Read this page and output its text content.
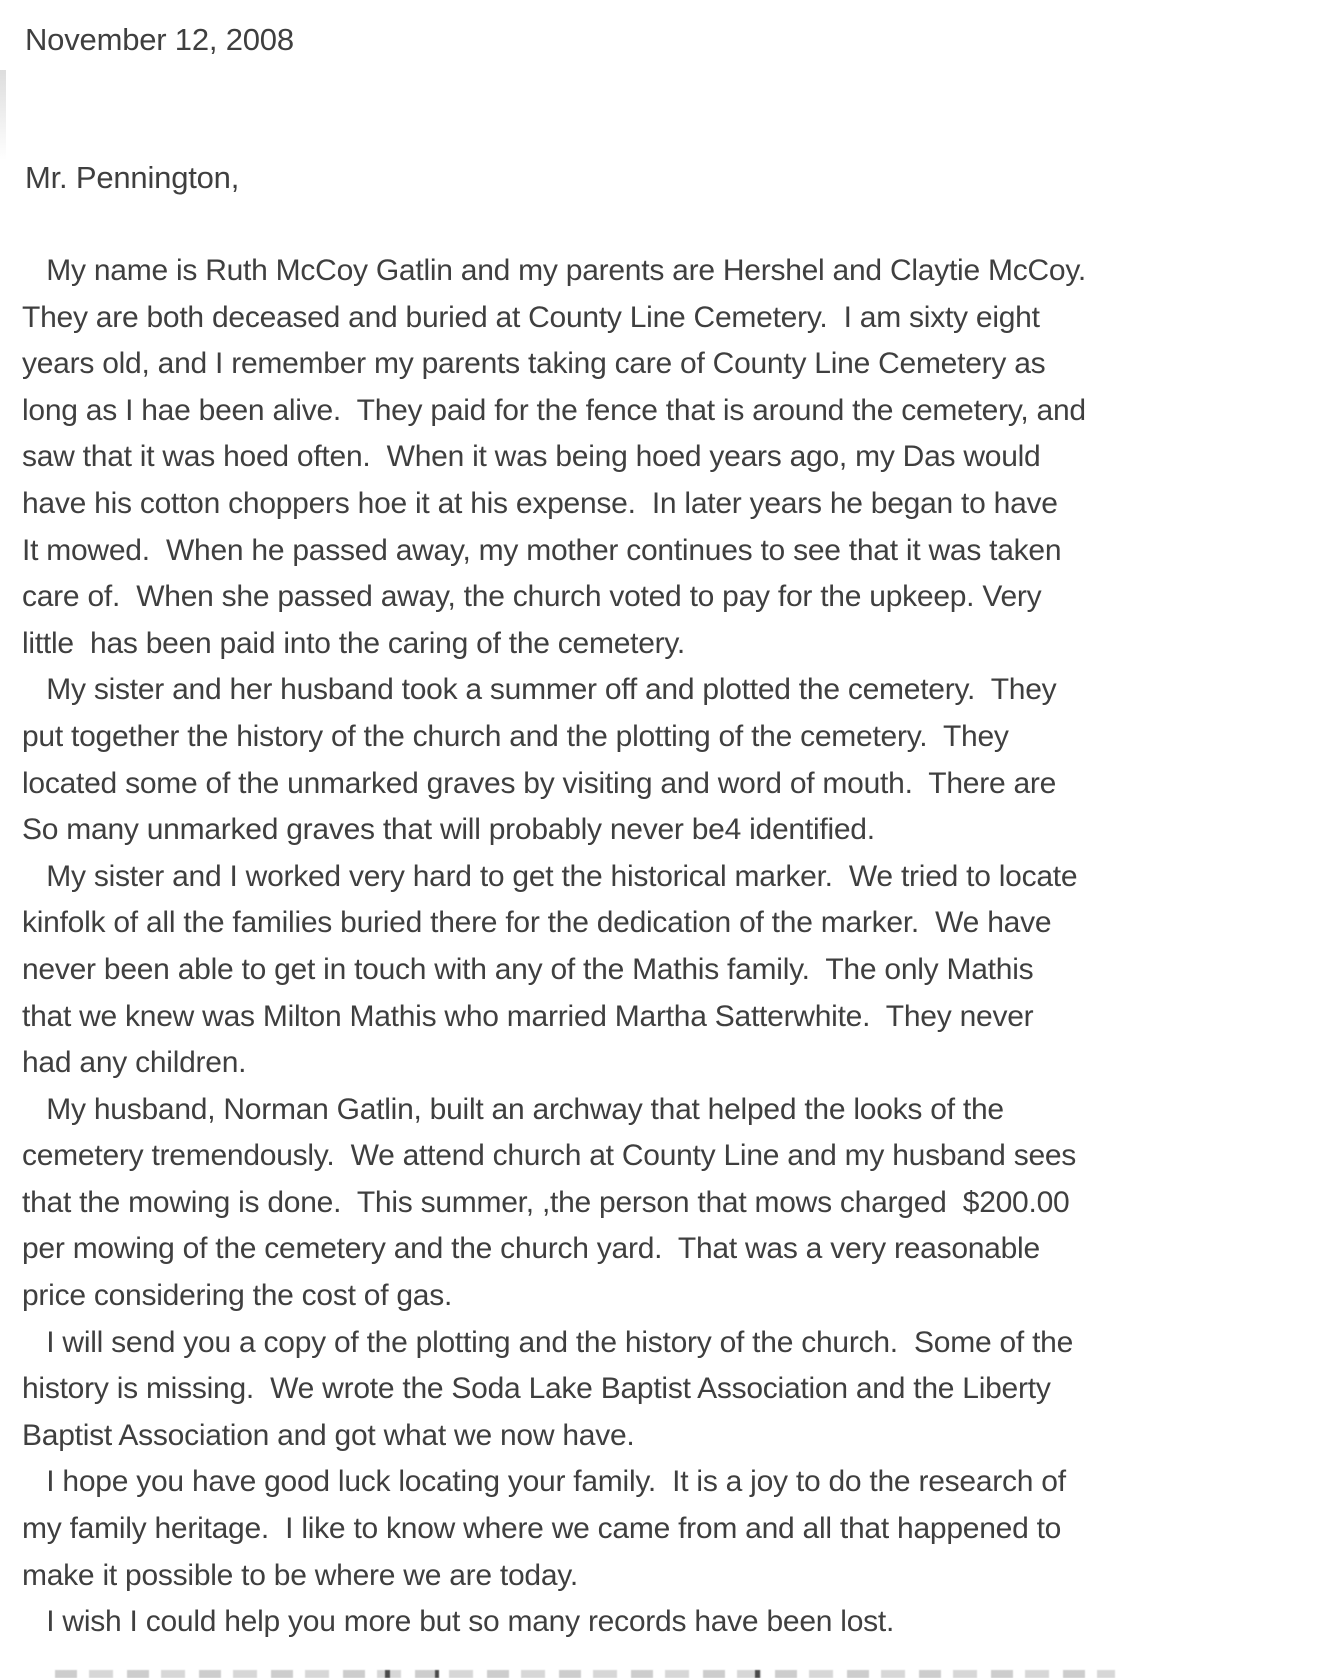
November 12, 2008
Mr. Pennington,
My name is Ruth McCoy Gatlin and my parents are Hershel and Claytie McCoy.
They are both deceased and buried at County Line Cemetery.  I am sixty eight
years old, and I remember my parents taking care of County Line Cemetery as
long as I hae been alive.  They paid for the fence that is around the cemetery, and
saw that it was hoed often.  When it was being hoed years ago, my Das would
have his cotton choppers hoe it at his expense.  In later years he began to have
It mowed.  When he passed away, my mother continues to see that it was taken
care of.  When she passed away, the church voted to pay for the upkeep. Very
little  has been paid into the caring of the cemetery.
My sister and her husband took a summer off and plotted the cemetery.  They
put together the history of the church and the plotting of the cemetery.  They
located some of the unmarked graves by visiting and word of mouth.  There are
So many unmarked graves that will probably never be4 identified.
My sister and I worked very hard to get the historical marker.  We tried to locate
kinfolk of all the families buried there for the dedication of the marker.  We have
never been able to get in touch with any of the Mathis family.  The only Mathis
that we knew was Milton Mathis who married Martha Satterwhite.  They never
had any children.
My husband, Norman Gatlin, built an archway that helped the looks of the
cemetery tremendously.  We attend church at County Line and my husband sees
that the mowing is done.  This summer, ,the person that mows charged  $200.00
per mowing of the cemetery and the church yard.  That was a very reasonable
price considering the cost of gas.
I will send you a copy of the plotting and the history of the church.  Some of the
history is missing.  We wrote the Soda Lake Baptist Association and the Liberty
Baptist Association and got what we now have.
I hope you have good luck locating your family.  It is a joy to do the research of
my family heritage.  I like to know where we came from and all that happened to
make it possible to be where we are today.
I wish I could help you more but so many records have been lost.
